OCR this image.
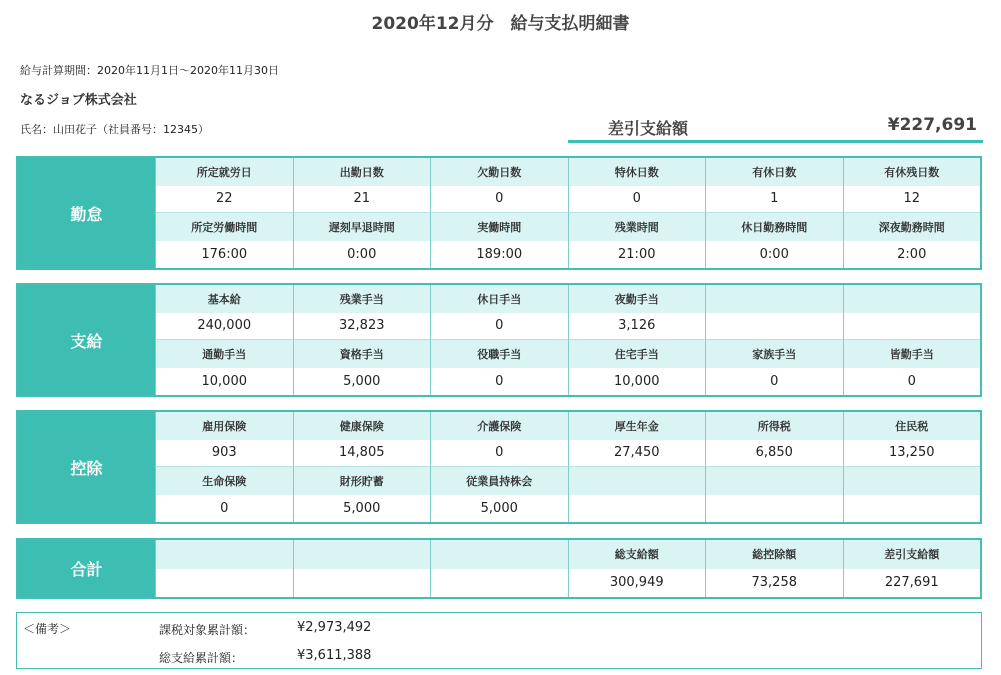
2020年12月分　給与支払明細書
給与計算期間：2020年11月1日〜2020年11月30日
なるジョブ株式会社
氏名：山田花子（社員番号：12345）	差引支給額	¥227,691
勤怠
所定就労日	出勤日数	欠勤日数	特休日数	有休日数	有休残日数
22	21	0	0	1	12
所定労働時間	遅刻早退時間	実働時間	残業時間	休日勤務時間	深夜勤務時間
176:00	0:00	189:00	21:00	0:00	2:00
支給
基本給	残業手当	休日手当	夜勤手当
240,000	32,823	0	3,126
通勤手当	資格手当	役職手当	住宅手当	家族手当	皆勤手当
10,000	5,000	0	10,000	0	0
控除
雇用保険	健康保険	介護保険	厚生年金	所得税	住民税
903	14,805	0	27,450	6,850	13,250
生命保険	財形貯蓄	従業員持株会
0	5,000	5,000
合計
総支給額	総控除額	差引支給額
300,949	73,258	227,691
＜備考＞	課税対象累計額：	¥2,973,492
総支給累計額：	¥3,611,388
